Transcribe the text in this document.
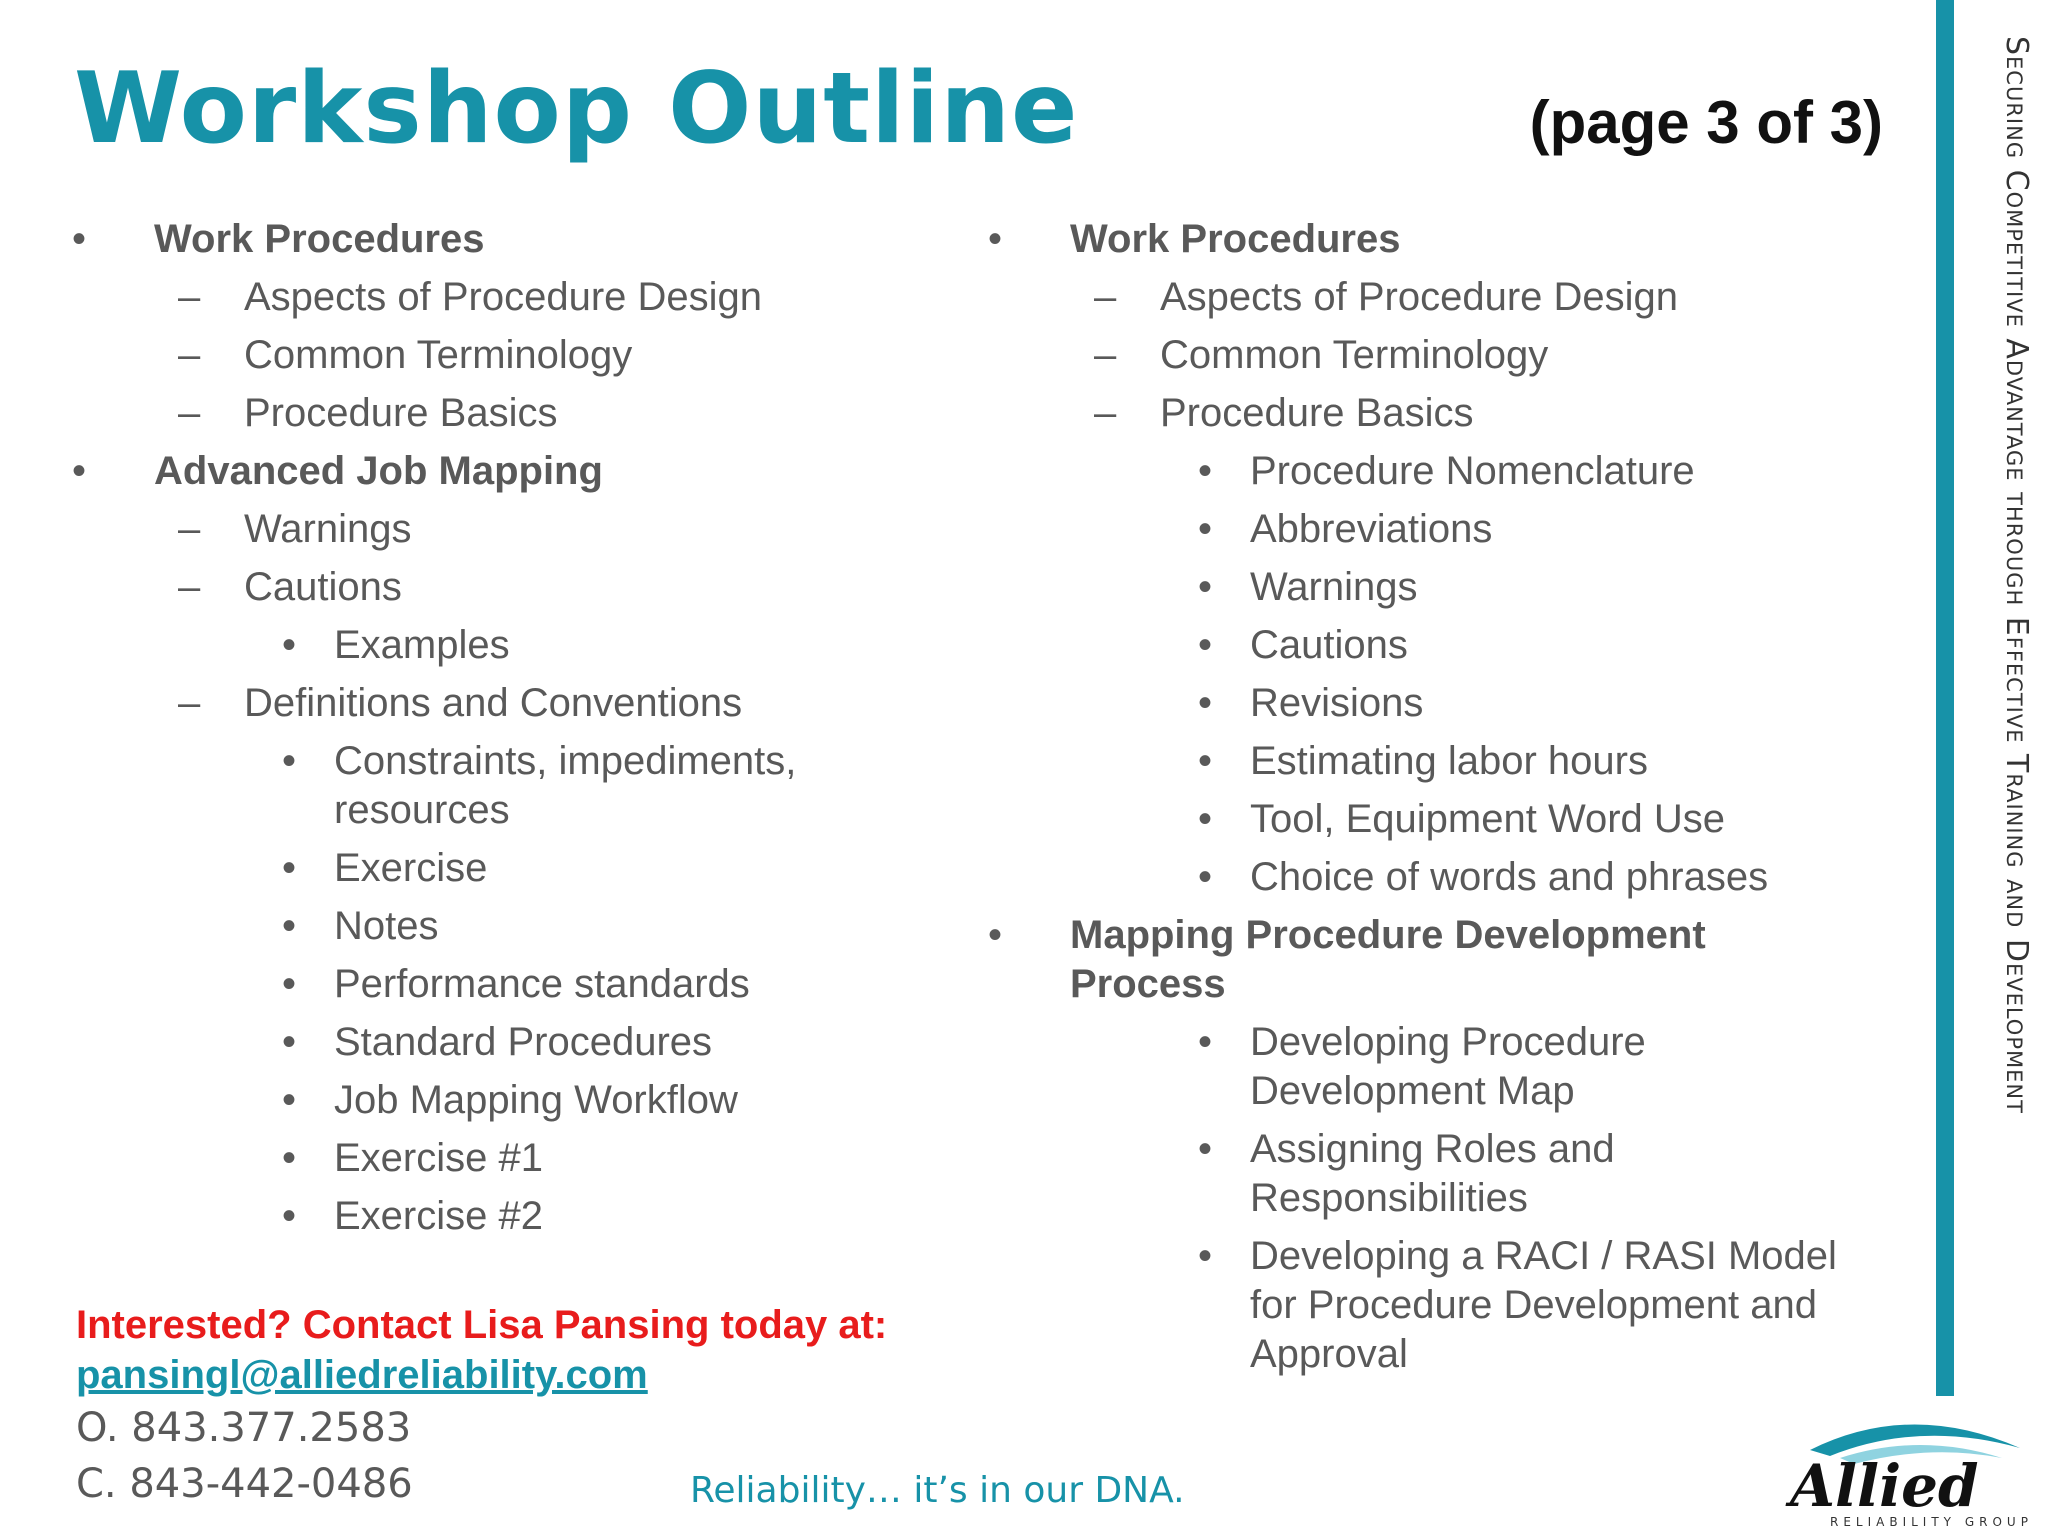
Workshop Outline	(page 3 of 3)
• Work Procedures
– Aspects of Procedure Design
– Common Terminology
– Procedure Basics
• Advanced Job Mapping
– Warnings
– Cautions
• Examples
– Definitions and Conventions
• Constraints, impediments, resources
• Exercise
• Notes
• Performance standards
• Standard Procedures
• Job Mapping Workflow
• Exercise #1
• Exercise #2
• Work Procedures
– Aspects of Procedure Design
– Common Terminology
– Procedure Basics
• Procedure Nomenclature
• Abbreviations
• Warnings
• Cautions
• Revisions
• Estimating labor hours
• Tool, Equipment Word Use
• Choice of words and phrases
• Mapping Procedure Development Process
• Developing Procedure Development Map
• Assigning Roles and Responsibilities
• Developing a RACI / RASI Model for Procedure Development and Approval
Interested? Contact Lisa Pansing today at:
pansingl@alliedreliability.com
O. 843.377.2583
C. 843-442-0486	Reliability… it’s in our DNA.
Securing Competitive Advantage through Effective Training and Development
Allied
RELIABILITY GROUP
